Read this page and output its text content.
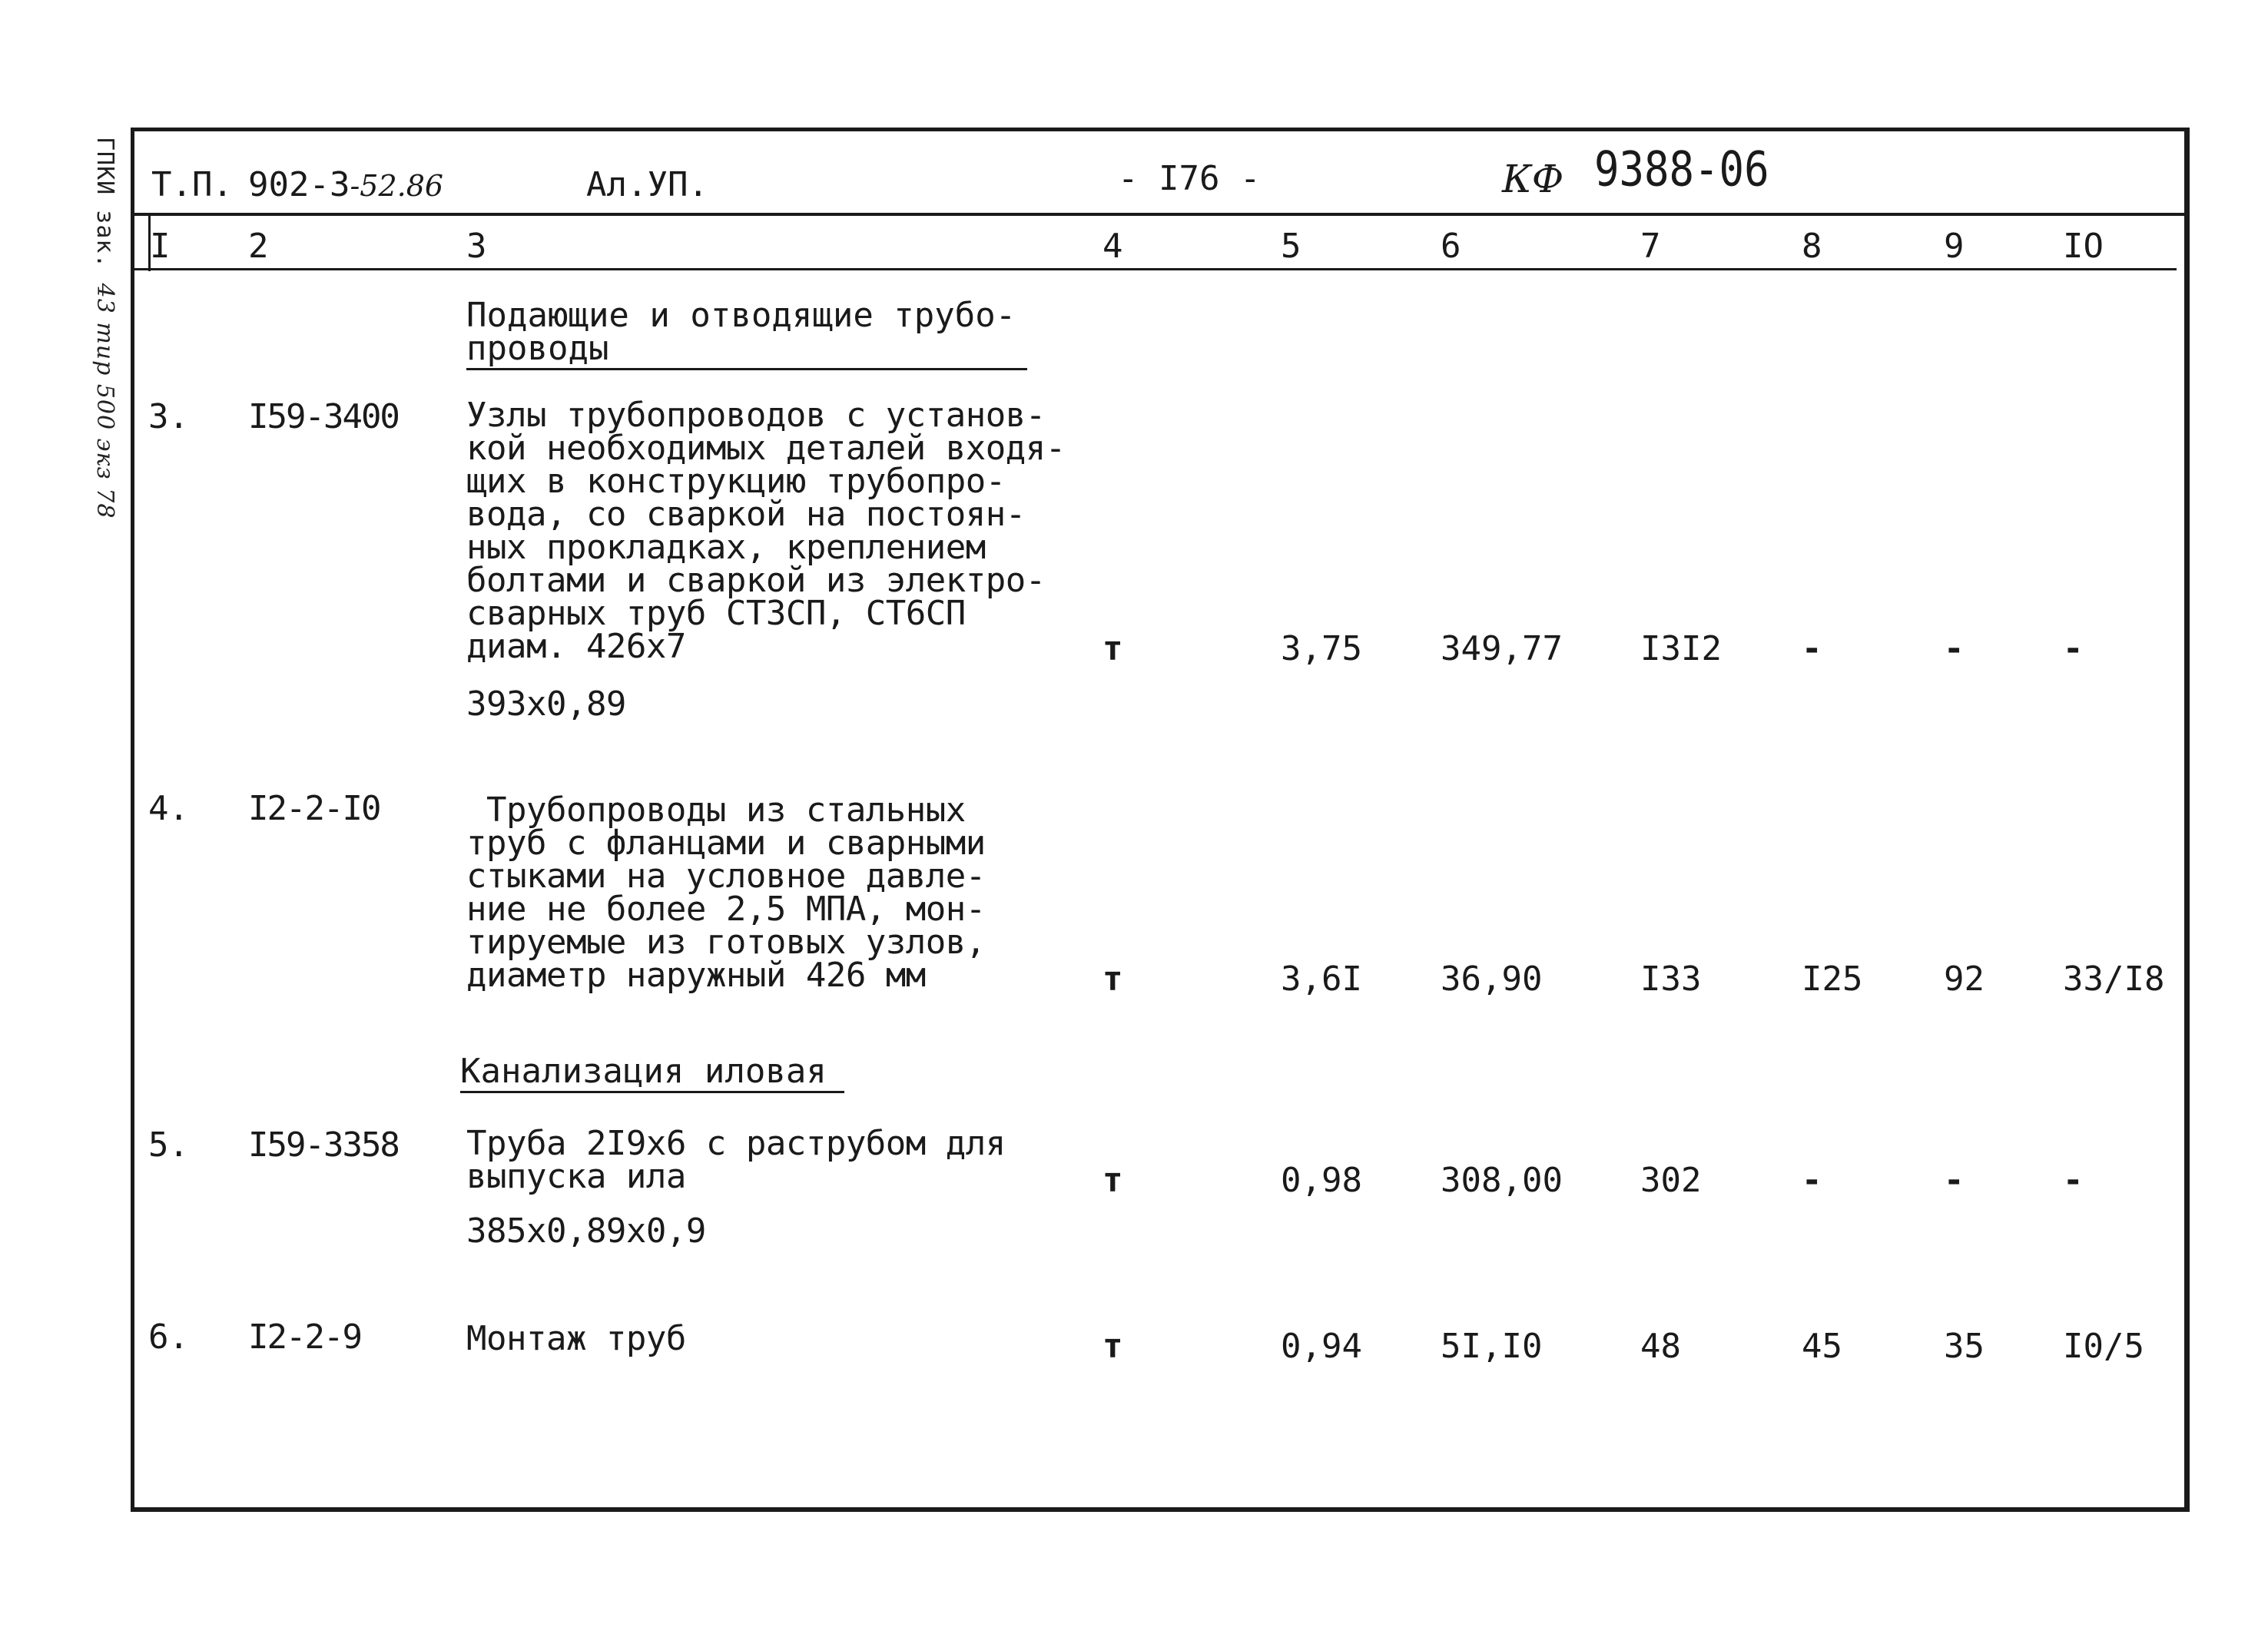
ГПКИ зак. 43 тир 500 экз 78
Т.П. 902-3-52.86	Ал.УП.	- I76 -	КФ 9388-06
I 2	3	4	5	6	7	8	9	IO
Подающие и отводящие трубо-
проводы
3. I59-3400 Узлы трубопроводов с установ-
кой необходимых деталей входя-
щих в конструкцию трубопро-
вода, со сваркой на постоян-
ных прокладках, креплением
болтами и сваркой из электро-
сварных труб СТ3СП, СТ6СП
диам. 426х7
393х0,89
т	3,75 349,77 I3I2 -	-	-
4. I2-2-I0	Трубопроводы из стальных
труб с фланцами и сварными
стыками на условное давле-
ние не более 2,5 МПА, мон-
тируемые из готовых узлов,
диаметр наружный 426 мм	т	3,6I 36,90	I33	I25 92 33/I8
Канализация иловая
5. I59-3358 Труба 2I9х6 с раструбом для
выпуска ила
385х0,89х0,9
т	0,98 308,00 302	-	-	-
6. I2-2-9	Монтаж труб	т	0,94 5I,I0	48	45	35 I0/5
